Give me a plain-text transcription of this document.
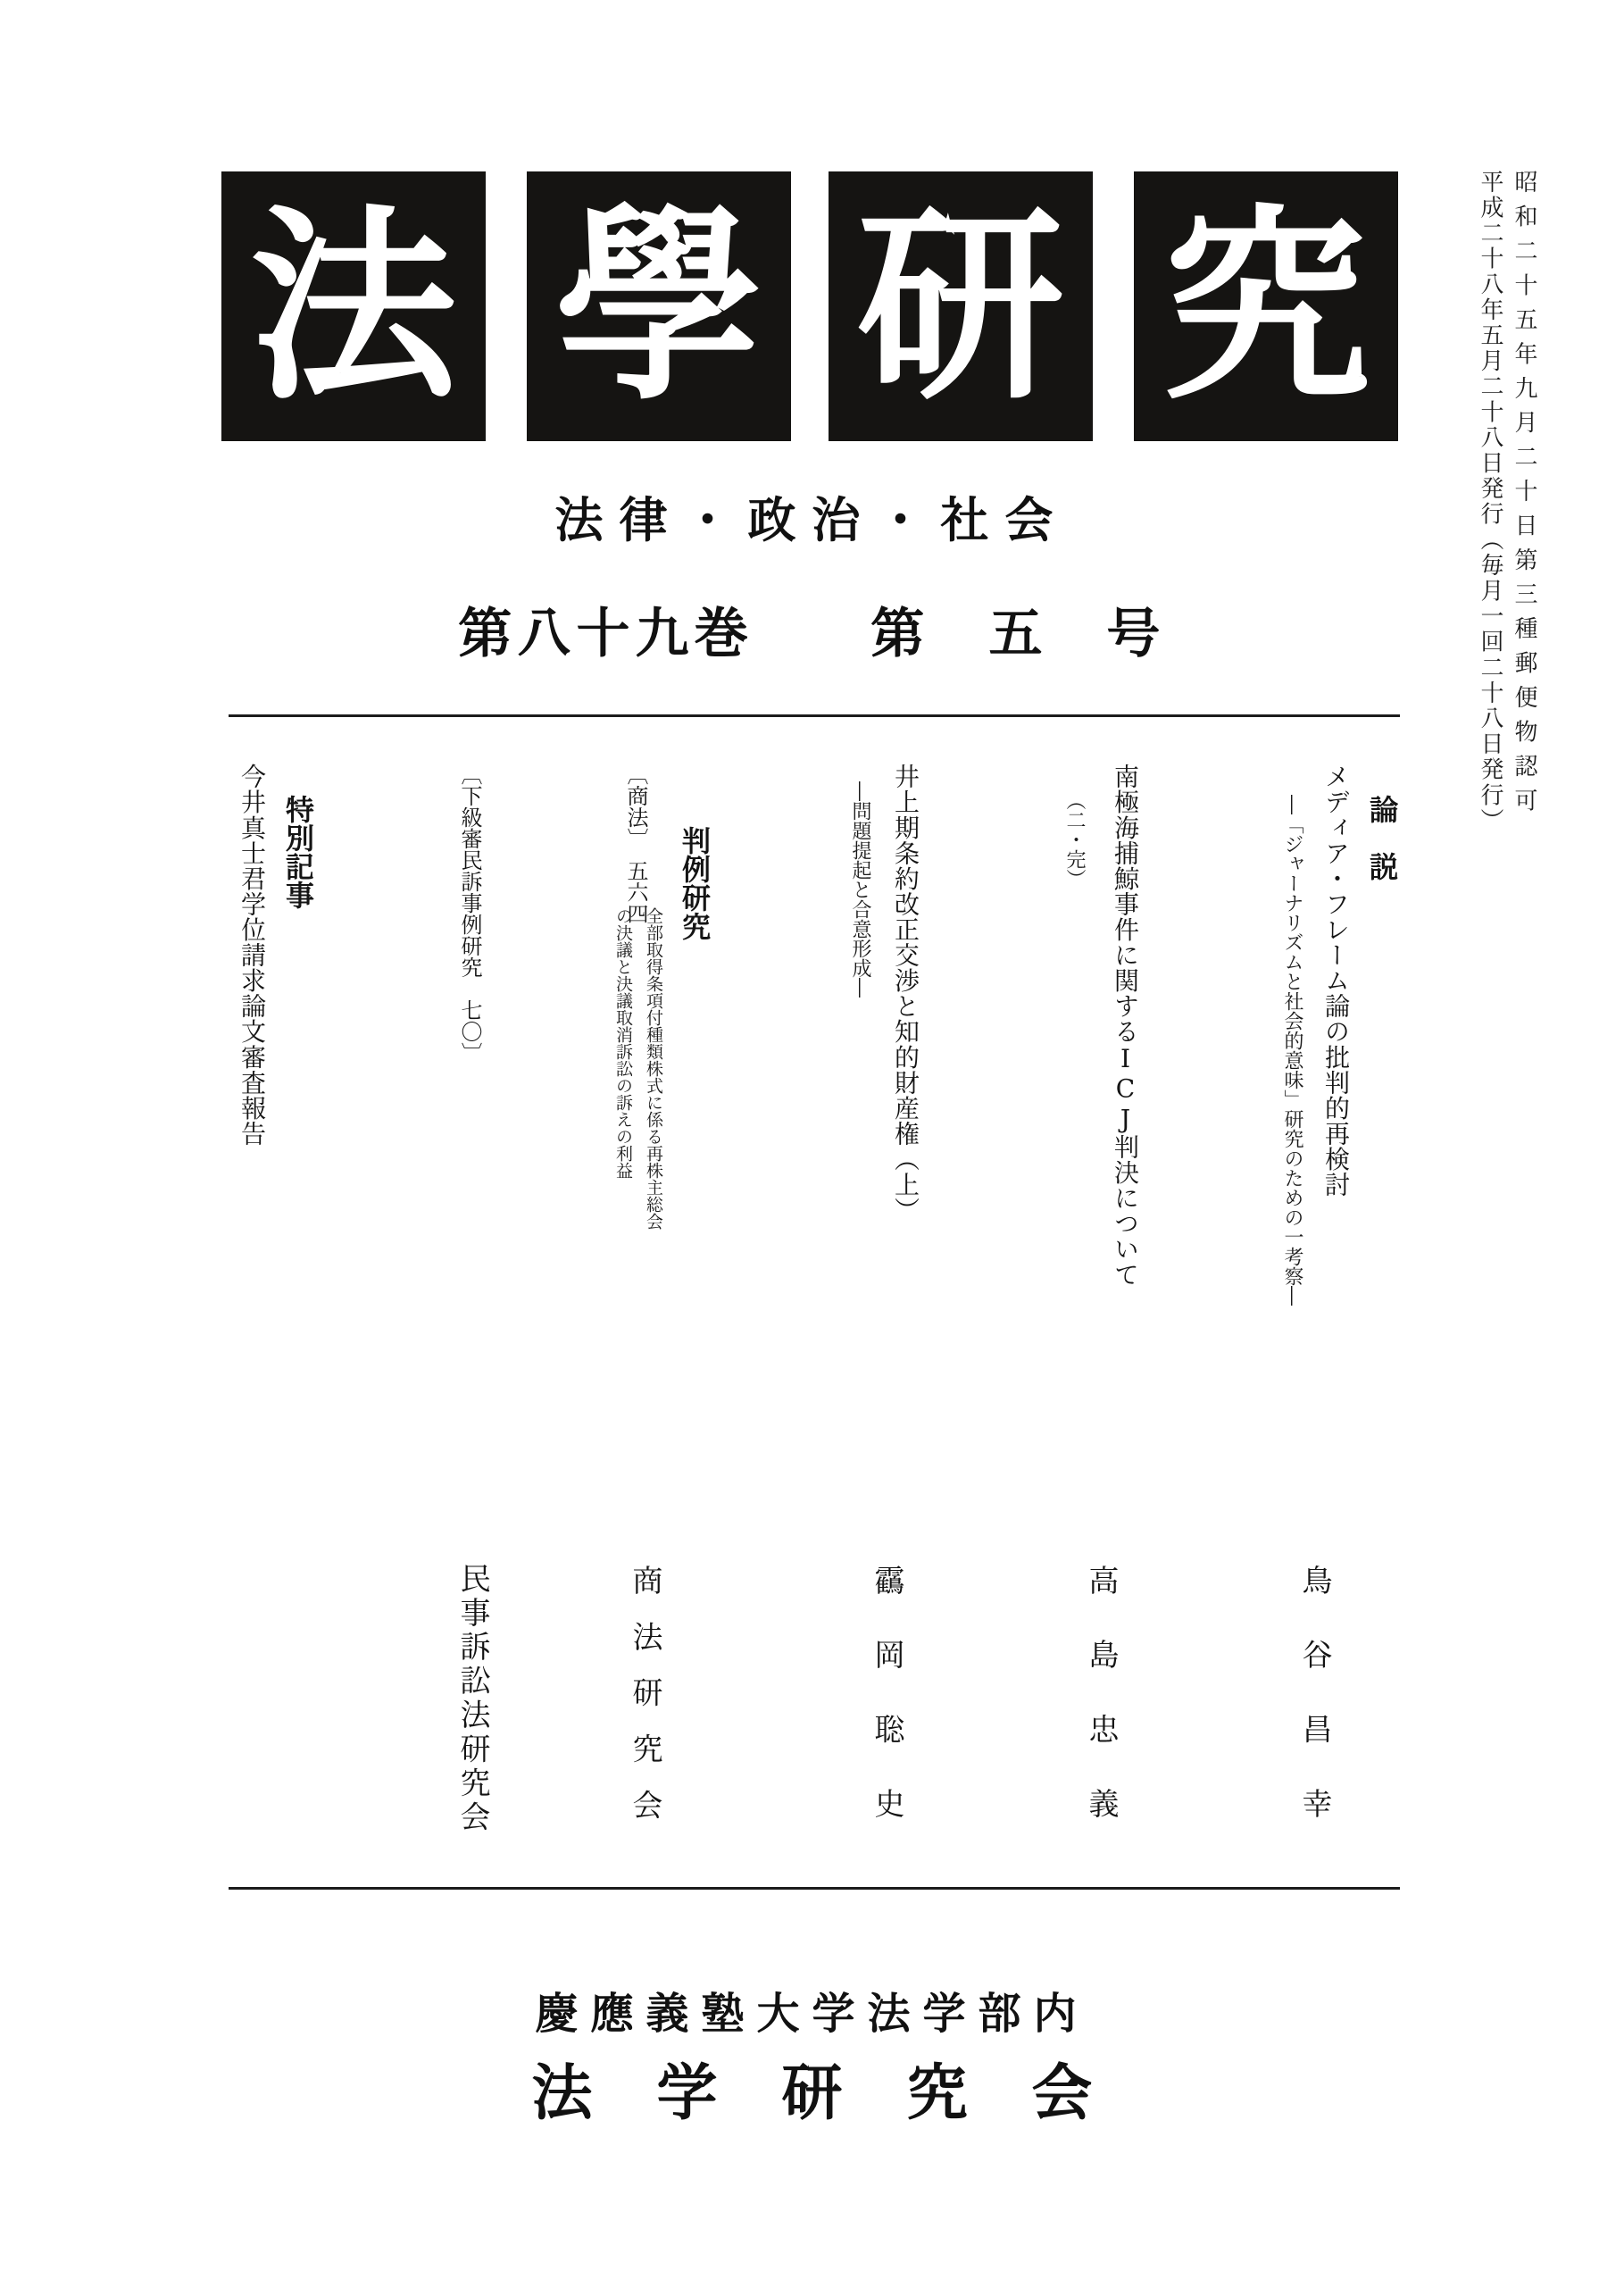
昭和二十五年九月二十日第三種郵便物認可
平成二十八年五月二十八日発行（毎月一回二十八日発行）
法 學 研 究
法律・政治・社会
第八十九巻　　第　五　号
論　説
メディア・フレーム論の批判的再検討
―「ジャーナリズムと社会的意味」研究のための一考察―
鳥谷昌幸
南極海捕鯨事件に関するICJ判決について
（二・完）
高島忠義
井上期条約改正交渉と知的財産権（上）
―問題提起と合意形成―
靍岡聡史
判例研究
〔商法〕　五六四
全部取得条項付種類株式に係る再株主総会
の決議と決議取消訴訟の訴えの利益
商法研究会
〔下級審民訴事例研究　七〇〕
民事訴訟法研究会
特別記事
今井真士君学位請求論文審査報告
慶應義塾大学法学部内
法学研究会
